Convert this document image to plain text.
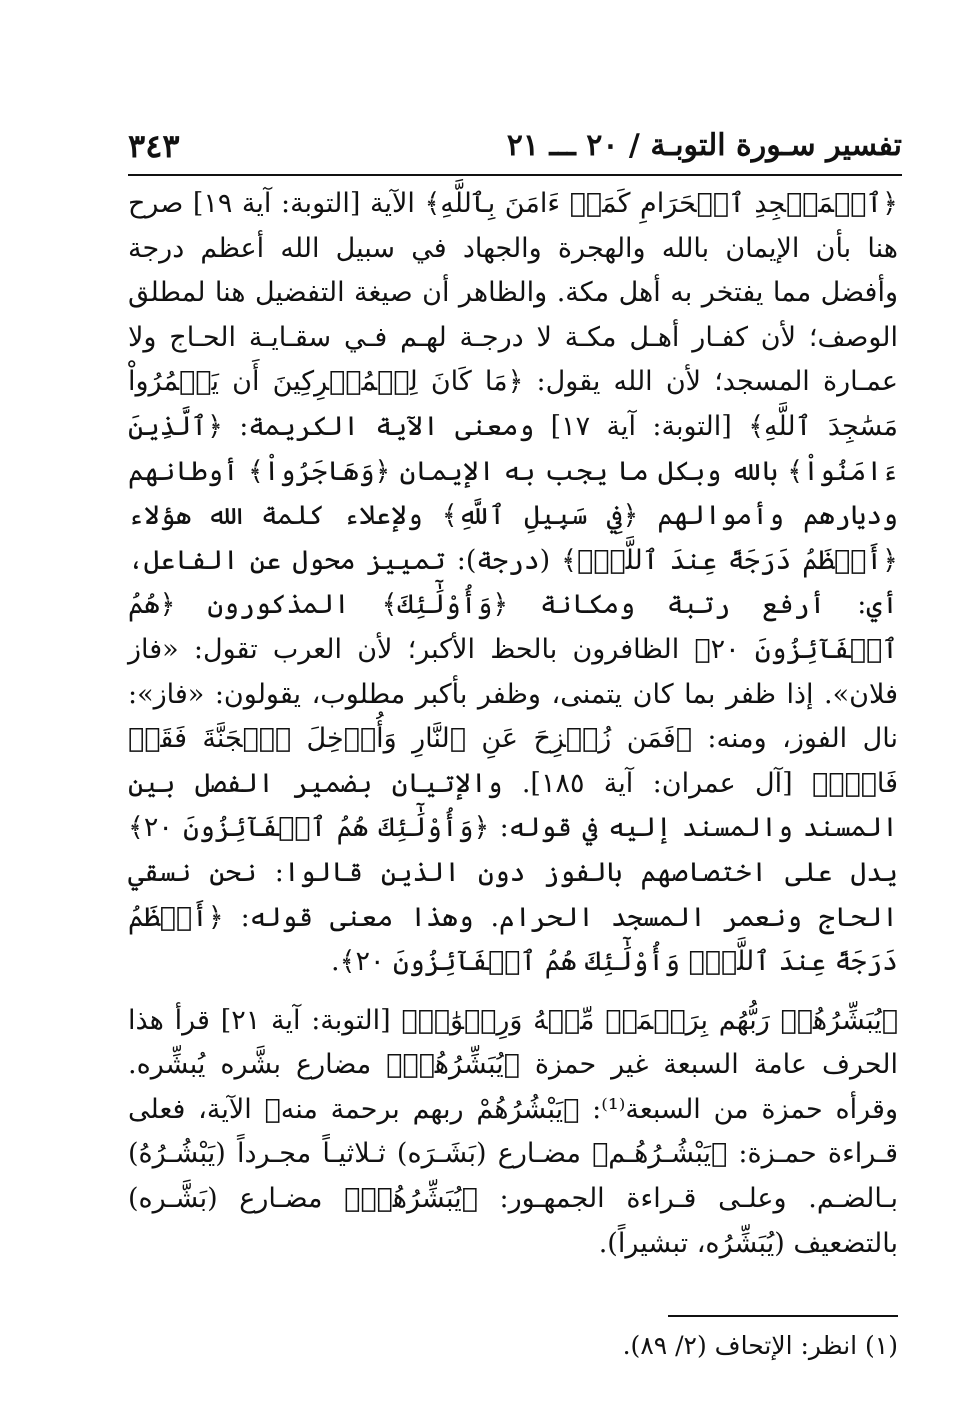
تفسير سـورة التوبـة / ٢٠ ـــ ٢١
٣٤٣

﴿ٱلۡمَسۡجِدِ ٱلۡحَرَامِ كَمَنۡ ءَامَنَ بِٱللَّهِ﴾ الآية [التوبة: آية ١٩] صرح هنا بأن الإيمان بالله والهجرة والجهاد في سبيل الله أعظم درجة وأفضل مما يفتخر به أهل مكة. والظاهر أن صيغة التفضيل هنا لمطلق الوصف؛ لأن كفـار أهـل مكـة لا درجـة لهـم فـي سقـايـة الحـاج ولا عمـارة المسجد؛ لأن الله يقول: ﴿مَا كَانَ لِلۡمُشۡرِكِينَ أَن يَعۡمُرُواْ مَسَٰجِدَ ٱللَّهِ﴾ [التوبة: آية ١٧] ومعنى الآية الكريمة: ﴿ٱلَّذِينَ ءَامَنُواْ﴾ بالله وبكل ما يجب به الإيمان ﴿وَهَاجَرُواْ﴾ أوطانهم وديارهم وأموالهم ﴿فِي سَبِيلِ ٱللَّهِ﴾ ولإعلاء كلمة الله هؤلاء ﴿أَعۡظَمُ دَرَجَةً عِندَ ٱللَّهِۚ﴾ (درجة): تمييز محول عن الفاعل، أي: أرفع رتبة ومكانة ﴿وَأُوْلَٰٓئِكَ﴾ المذكورون ﴿هُمُ ٱلۡفَآئِزُونَ ٢٠﴾ الظافرون بالحظ الأكبر؛ لأن العرب تقول: «فاز فلان». إذا ظفر بما كان يتمنى، وظفر بأكبر مطلوب، يقولون: «فاز»: نال الفوز، ومنه: ﴿فَمَن زُحۡزِحَ عَنِ ٱلنَّارِ وَأُدۡخِلَ ٱلۡجَنَّةَ فَقَدۡ فَازَۗ﴾ [آل عمران: آية ١٨٥]. والإتيان بضمير الفصل بين المسند والمسند إليه في قوله: ﴿وَأُوْلَٰٓئِكَ هُمُ ٱلۡفَآئِزُونَ ٢٠﴾ يدل على اختصاصهم بالفوز دون الذين قالوا: نحن نسقي الحاج ونعمر المسجد الحرام. وهذا معنى قوله: ﴿أَعۡظَمُ دَرَجَةً عِندَ ٱللَّهِۚ وَأُوْلَٰٓئِكَ هُمُ ٱلۡفَآئِزُونَ ٢٠﴾.

﴿يُبَشِّرُهُمۡ رَبُّهُم بِرَحۡمَةٖ مِّنۡهُ وَرِضۡوَٰنٖ﴾ [التوبة: آية ٢١] قرأ هذا الحرف عامة السبعة غير حمزة ﴿يُبَشِّرُهُمۡ﴾ مضارع بشَّره يُبشِّره. وقرأه حمزة من السبعة⁽¹⁾: ﴿يَبْشُرُهُمْ ربهم برحمة منه﴾ الآية، فعلى قـراءة حمـزة: ﴿يَبْشُـرُهُـم﴾ مضـارع (بَشَـرَه) ثـلاثيـاً مجـرداً (يَبْشُـرُهُ) بـالضـم. وعلـى قـراءة الجمهـور: ﴿يُبَشِّرُهُمۡ﴾ مضـارع (بَشَّـره) بالتضعيف (يُبَشِّرُه، تبشيراً).

(١) انظر: الإتحاف (٢/ ٨٩).
